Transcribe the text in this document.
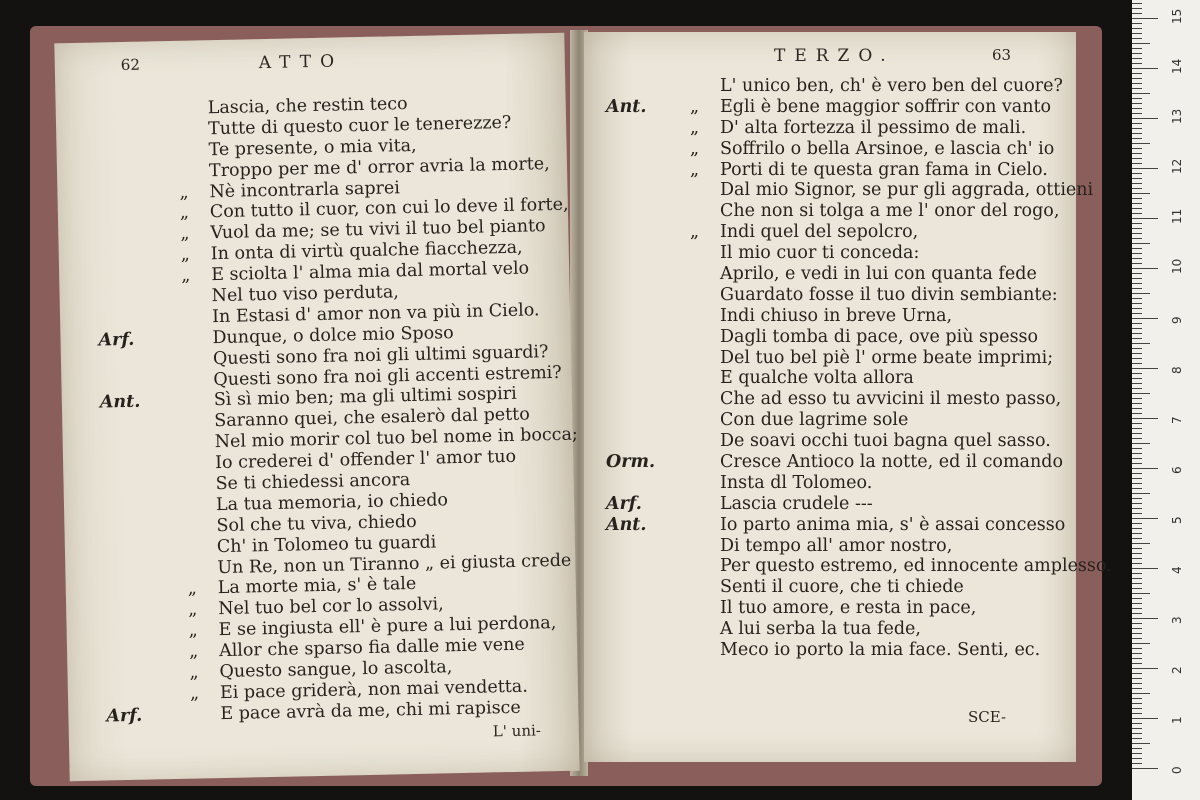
62	ATTO
Lascia, che restin teco
Tutte di questo cuor le tenerezze?
Te presente, o mia vita,
Troppo per me d' orror avria la morte,
„ Nè incontrarla saprei
„ Con tutto il cuor, con cui lo deve il forte,
„ Vuol da me; se tu vivi il tuo bel pianto
„ In onta di virtù qualche fiacchezza,
„ E sciolta l' alma mia dal mortal velo
Nel tuo viso perduta,
In Estasi d' amor non va più in Cielo.
Arf.	Dunque, o dolce mio Sposo
Questi sono fra noi gli ultimi sguardi?
Questi sono fra noi gli accenti estremi?
Ant.	Sì sì mio ben; ma gli ultimi sospiri
Saranno quei, che esalerò dal petto
Nel mio morir col tuo bel nome in bocca;
Io crederei d' offender l' amor tuo
Se ti chiedessi ancora
La tua memoria, io chiedo
Sol che tu viva, chiedo
Ch' in Tolomeo tu guardi
Un Re, non un Tiranno „ ei giusta crede
„ La morte mia, s' è tale
„ Nel tuo bel cor lo assolvi,
„ E se ingiusta ell' è pure a lui perdona,
„ Allor che sparso fia dalle mie vene
„ Questo sangue, lo ascolta,
„ Ei pace griderà, non mai vendetta.
Arf.	E pace avrà da me, chi mi rapisce
L' uni-
TERZO.	63
L' unico ben, ch' è vero ben del cuore?
Ant. „ Egli è bene maggior soffrir con vanto
„ D' alta fortezza il pessimo de mali.
„ Soffrilo o bella Arsinoe, e lascia ch' io
„ Porti di te questa gran fama in Cielo.
Dal mio Signor, se pur gli aggrada, ottieni
Che non si tolga a me l' onor del rogo,
„ Indi quel del sepolcro,
Il mio cuor ti conceda:
Aprilo, e vedi in lui con quanta fede
Guardato fosse il tuo divin sembiante:
Indi chiuso in breve Urna,
Dagli tomba di pace, ove più spesso
Del tuo bel piè l' orme beate imprimi;
E qualche volta allora
Che ad esso tu avvicini il mesto passo,
Con due lagrime sole
De soavi occhi tuoi bagna quel sasso.
Orm.	Cresce Antioco la notte, ed il comando
Insta dl Tolomeo.
Arf.	Lascia crudele ---
Ant.	Io parto anima mia, s' è assai concesso
Di tempo all' amor nostro,
Per questo estremo, ed innocente amplesso.
Senti il cuore, che ti chiede
Il tuo amore, e resta in pace,
A lui serba la tua fede,
Meco io porto la mia face. Senti, ec.
SCE-
0
1
2
3
4
5
6
7
8
9
10
11
12
13
14
15
